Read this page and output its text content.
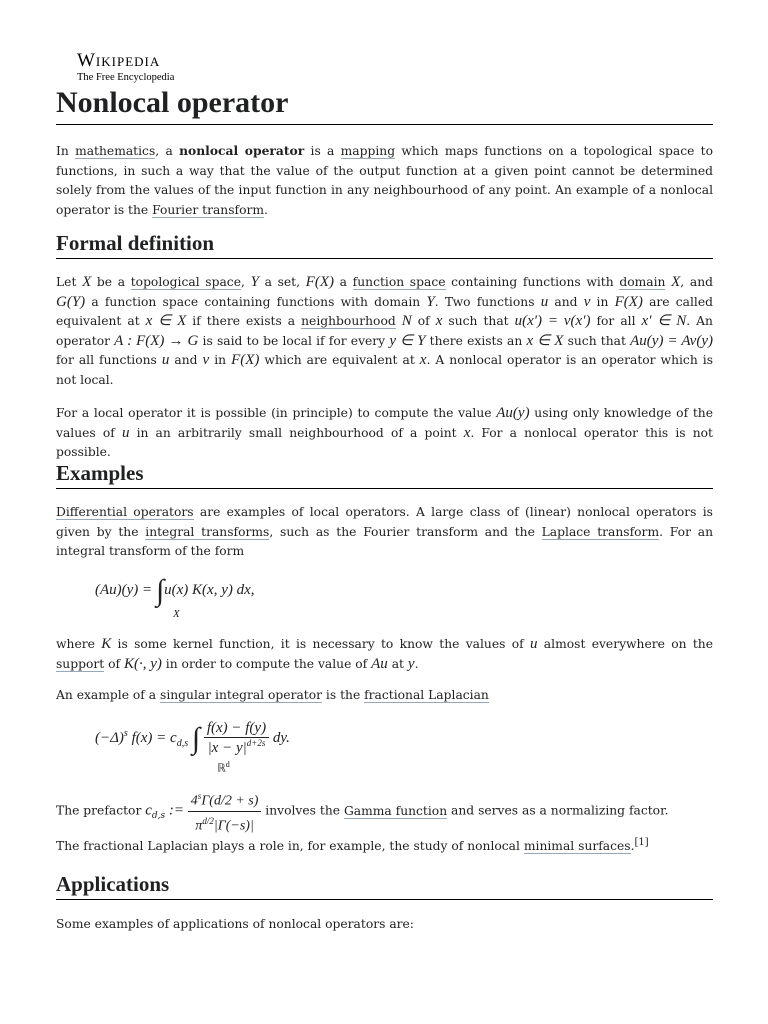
Wikipedia
The Free Encyclopedia
Nonlocal operator

In mathematics, a nonlocal operator is a mapping which maps functions on a topological space to functions, in such a way that the value of the output function at a given point cannot be determined solely from the values of the input function in any neighbourhood of any point. An example of a nonlocal operator is the Fourier transform.

Formal definition

Let X be a topological space, Y a set, F(X) a function space containing functions with domain X, and G(Y) a function space containing functions with domain Y. Two functions u and v in F(X) are called equivalent at x ∈ X if there exists a neighbourhood N of x such that u(x′) = v(x′) for all x′ ∈ N. An operator A : F(X) → G is said to be local if for every y ∈ Y there exists an x ∈ X such that Au(y) = Av(y) for all functions u and v in F(X) which are equivalent at x. A nonlocal operator is an operator which is not local.

For a local operator it is possible (in principle) to compute the value Au(y) using only knowledge of the values of u in an arbitrarily small neighbourhood of a point x. For a nonlocal operator this is not possible.

Examples

Differential operators are examples of local operators. A large class of (linear) nonlocal operators is given by the integral transforms, such as the Fourier transform and the Laplace transform. For an integral transform of the form

(Au)(y) = ∫u(x) K(x, y) dx,
X

where K is some kernel function, it is necessary to know the values of u almost everywhere on the support of K(·, y) in order to compute the value of Au at y.

An example of a singular integral operator is the fractional Laplacian

$(-\Delta)^s$ $f(x) = c_{d,s}$ ∫ $\frac{f(x) - f(y)}{|x - y|^{d+2s}}$ dy.
ℝ$^d$

The prefactor $c_{d,s}$ := $\frac{4^s\Gamma(d/2 + s)}{\pi^{d/2}|\Gamma(-s)|}$ involves the Gamma function and serves as a normalizing factor.

The fractional Laplacian plays a role in, for example, the study of nonlocal minimal surfaces.[1]

Applications

Some examples of applications of nonlocal operators are:
